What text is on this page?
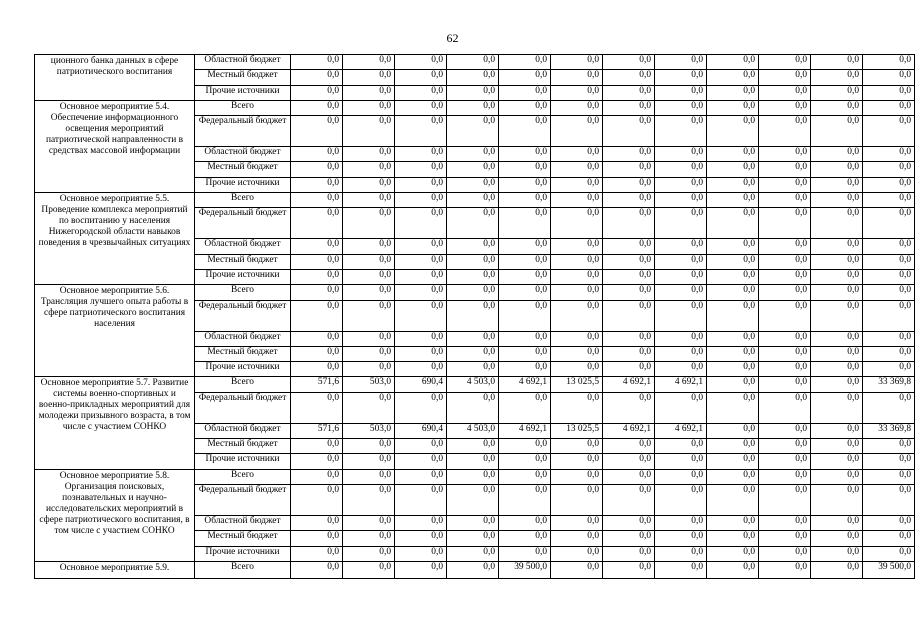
62
ционного банка данных в сфере патриотического воспитания	Областной бюджет	0,0	0,0	0,0	0,0	0,0	0,0	0,0	0,0	0,0	0,0	0,0	0,0
	Местный бюджет	0,0	0,0	0,0	0,0	0,0	0,0	0,0	0,0	0,0	0,0	0,0	0,0
	Прочие источники	0,0	0,0	0,0	0,0	0,0	0,0	0,0	0,0	0,0	0,0	0,0	0,0
Основное мероприятие 5.4. Обеспечение информационного освещения мероприятий патриотической направленности в средствах массовой информации	Всего	0,0	0,0	0,0	0,0	0,0	0,0	0,0	0,0	0,0	0,0	0,0	0,0
	Федеральный бюджет	0,0	0,0	0,0	0,0	0,0	0,0	0,0	0,0	0,0	0,0	0,0	0,0
	Областной бюджет	0,0	0,0	0,0	0,0	0,0	0,0	0,0	0,0	0,0	0,0	0,0	0,0
	Местный бюджет	0,0	0,0	0,0	0,0	0,0	0,0	0,0	0,0	0,0	0,0	0,0	0,0
	Прочие источники	0,0	0,0	0,0	0,0	0,0	0,0	0,0	0,0	0,0	0,0	0,0	0,0
Основное мероприятие 5.5. Проведение комплекса мероприятий по воспитанию у населения Нижегородской области навыков поведения в чрезвычайных ситуациях	Всего	0,0	0,0	0,0	0,0	0,0	0,0	0,0	0,0	0,0	0,0	0,0	0,0
	Федеральный бюджет	0,0	0,0	0,0	0,0	0,0	0,0	0,0	0,0	0,0	0,0	0,0	0,0
	Областной бюджет	0,0	0,0	0,0	0,0	0,0	0,0	0,0	0,0	0,0	0,0	0,0	0,0
	Местный бюджет	0,0	0,0	0,0	0,0	0,0	0,0	0,0	0,0	0,0	0,0	0,0	0,0
	Прочие источники	0,0	0,0	0,0	0,0	0,0	0,0	0,0	0,0	0,0	0,0	0,0	0,0
Основное мероприятие 5.6. Трансляция лучшего опыта работы в сфере патриотического воспитания населения	Всего	0,0	0,0	0,0	0,0	0,0	0,0	0,0	0,0	0,0	0,0	0,0	0,0
	Федеральный бюджет	0,0	0,0	0,0	0,0	0,0	0,0	0,0	0,0	0,0	0,0	0,0	0,0
	Областной бюджет	0,0	0,0	0,0	0,0	0,0	0,0	0,0	0,0	0,0	0,0	0,0	0,0
	Местный бюджет	0,0	0,0	0,0	0,0	0,0	0,0	0,0	0,0	0,0	0,0	0,0	0,0
	Прочие источники	0,0	0,0	0,0	0,0	0,0	0,0	0,0	0,0	0,0	0,0	0,0	0,0
Основное мероприятие 5.7. Развитие системы военно-спортивных и военно-прикладных мероприятий для молодежи призывного возраста, в том числе с участием СОНКО	Всего	571,6	503,0	690,4	4 503,0	4 692,1	13 025,5	4 692,1	4 692,1	0,0	0,0	0,0	33 369,8
	Федеральный бюджет	0,0	0,0	0,0	0,0	0,0	0,0	0,0	0,0	0,0	0,0	0,0	0,0
	Областной бюджет	571,6	503,0	690,4	4 503,0	4 692,1	13 025,5	4 692,1	4 692,1	0,0	0,0	0,0	33 369,8
	Местный бюджет	0,0	0,0	0,0	0,0	0,0	0,0	0,0	0,0	0,0	0,0	0,0	0,0
	Прочие источники	0,0	0,0	0,0	0,0	0,0	0,0	0,0	0,0	0,0	0,0	0,0	0,0
Основное мероприятие 5.8. Организация поисковых, познавательных и научно-исследовательских мероприятий в сфере патриотического воспитания, в том числе с участием СОНКО	Всего	0,0	0,0	0,0	0,0	0,0	0,0	0,0	0,0	0,0	0,0	0,0	0,0
	Федеральный бюджет	0,0	0,0	0,0	0,0	0,0	0,0	0,0	0,0	0,0	0,0	0,0	0,0
	Областной бюджет	0,0	0,0	0,0	0,0	0,0	0,0	0,0	0,0	0,0	0,0	0,0	0,0
	Местный бюджет	0,0	0,0	0,0	0,0	0,0	0,0	0,0	0,0	0,0	0,0	0,0	0,0
	Прочие источники	0,0	0,0	0,0	0,0	0,0	0,0	0,0	0,0	0,0	0,0	0,0	0,0
Основное мероприятие 5.9.	Всего	0,0	0,0	0,0	0,0	39 500,0	0,0	0,0	0,0	0,0	0,0	0,0	39 500,0
